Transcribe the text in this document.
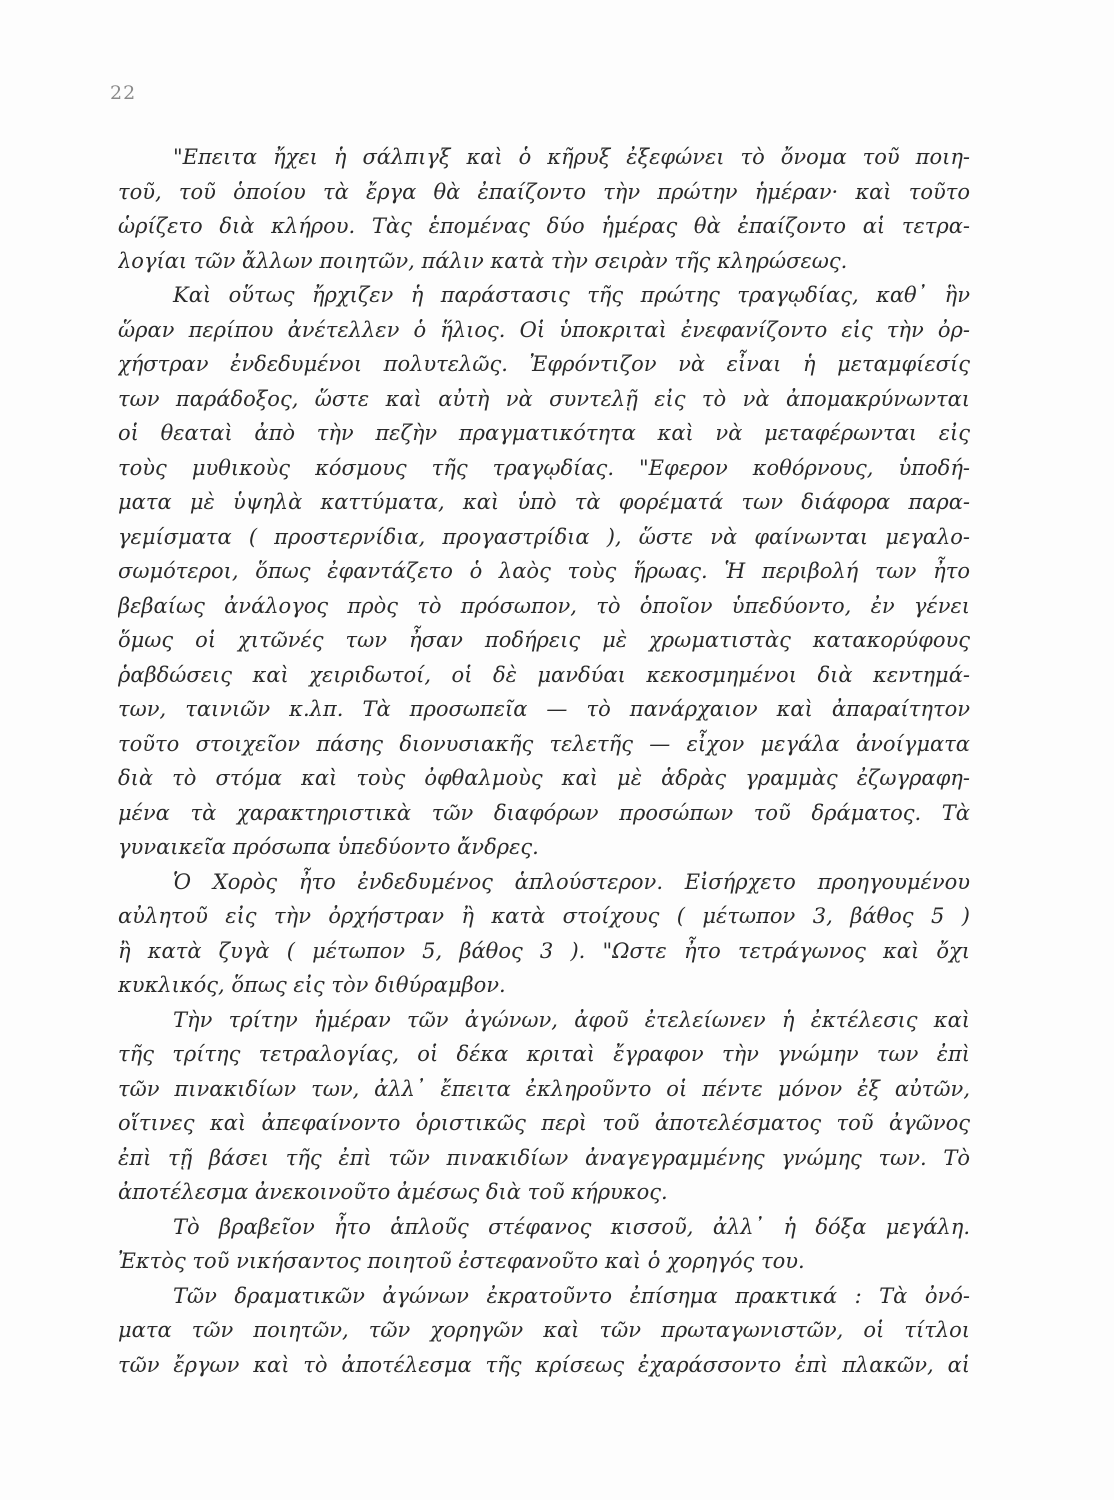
22
"Επειτα ἤχει ἡ σάλπιγξ καὶ ὁ κῆρυξ ἐξεφώνει τὸ ὄνομα τοῦ ποιη-
τοῦ, τοῦ ὁποίου τὰ ἔργα θὰ ἐπαίζοντο τὴν πρώτην ἡμέραν· καὶ τοῦτο
ὡρίζετο διὰ κλήρου. Τὰς ἑπομένας δύο ἡμέρας θὰ ἐπαίζοντο αἱ τετρα-
λογίαι τῶν ἄλλων ποιητῶν, πάλιν κατὰ τὴν σειρὰν τῆς κληρώσεως.
Καὶ οὕτως ἤρχιζεν ἡ παράστασις τῆς πρώτης τραγῳδίας, καθ᾽ ἣν
ὥραν περίπου ἀνέτελλεν ὁ ἥλιος. Οἱ ὑποκριταὶ ἐνεφανίζοντο εἰς τὴν ὀρ-
χήστραν ἐνδεδυμένοι πολυτελῶς. Ἐφρόντιζον νὰ εἶναι ἡ μεταμφίεσίς
των παράδοξος, ὥστε καὶ αὐτὴ νὰ συντελῇ εἰς τὸ νὰ ἀπομακρύνωνται
οἱ θεαταὶ ἀπὸ τὴν πεζὴν πραγματικότητα καὶ νὰ μεταφέρωνται εἰς
τοὺς μυθικοὺς κόσμους τῆς τραγῳδίας. "Εφερον κοθόρνους, ὑποδή-
ματα μὲ ὑψηλὰ καττύματα, καὶ ὑπὸ τὰ φορέματά των διάφορα παρα-
γεμίσματα ( προστερνίδια, προγαστρίδια ), ὥστε νὰ φαίνωνται μεγαλο-
σωμότεροι, ὅπως ἐφαντάζετο ὁ λαὸς τοὺς ἥρωας. Ἡ περιβολή των ἦτο
βεβαίως ἀνάλογος πρὸς τὸ πρόσωπον, τὸ ὁποῖον ὑπεδύοντο, ἐν γένει
ὅμως οἱ χιτῶνές των ἦσαν ποδήρεις μὲ χρωματιστὰς κατακορύφους
ῥαβδώσεις καὶ χειριδωτοί, οἱ δὲ μανδύαι κεκοσμημένοι διὰ κεντημά-
των, ταινιῶν κ.λπ. Τὰ προσωπεῖα — τὸ πανάρχαιον καὶ ἀπαραίτητον
τοῦτο στοιχεῖον πάσης διονυσιακῆς τελετῆς — εἶχον μεγάλα ἀνοίγματα
διὰ τὸ στόμα καὶ τοὺς ὀφθαλμοὺς καὶ μὲ ἁδρὰς γραμμὰς ἐζωγραφη-
μένα τὰ χαρακτηριστικὰ τῶν διαφόρων προσώπων τοῦ δράματος. Τὰ
γυναικεῖα πρόσωπα ὑπεδύοντο ἄνδρες.
Ὁ Χορὸς ἦτο ἐνδεδυμένος ἁπλούστερον. Εἰσήρχετο προηγουμένου
αὐλητοῦ εἰς τὴν ὀρχήστραν ἢ κατὰ στοίχους ( μέτωπον 3, βάθος 5 )
ἢ κατὰ ζυγὰ ( μέτωπον 5, βάθος 3 ). "Ωστε ἦτο τετράγωνος καὶ ὄχι
κυκλικός, ὅπως εἰς τὸν διθύραμβον.
Τὴν τρίτην ἡμέραν τῶν ἀγώνων, ἀφοῦ ἐτελείωνεν ἡ ἐκτέλεσις καὶ
τῆς τρίτης τετραλογίας, οἱ δέκα κριταὶ ἔγραφον τὴν γνώμην των ἐπὶ
τῶν πινακιδίων των, ἀλλ᾽ ἔπειτα ἐκληροῦντο οἱ πέντε μόνον ἐξ αὐτῶν,
οἵτινες καὶ ἀπεφαίνοντο ὁριστικῶς περὶ τοῦ ἀποτελέσματος τοῦ ἀγῶνος
ἐπὶ τῇ βάσει τῆς ἐπὶ τῶν πινακιδίων ἀναγεγραμμένης γνώμης των. Τὸ
ἀποτέλεσμα ἀνεκοινοῦτο ἀμέσως διὰ τοῦ κήρυκος.
Τὸ βραβεῖον ἦτο ἁπλοῦς στέφανος κισσοῦ, ἀλλ᾽ ἡ δόξα μεγάλη.
Ἐκτὸς τοῦ νικήσαντος ποιητοῦ ἐστεφανοῦτο καὶ ὁ χορηγός του.
Τῶν δραματικῶν ἀγώνων ἐκρατοῦντο ἐπίσημα πρακτικά : Τὰ ὀνό-
ματα τῶν ποιητῶν, τῶν χορηγῶν καὶ τῶν πρωταγωνιστῶν, οἱ τίτλοι
τῶν ἔργων καὶ τὸ ἀποτέλεσμα τῆς κρίσεως ἐχαράσσοντο ἐπὶ πλακῶν, αἱ
